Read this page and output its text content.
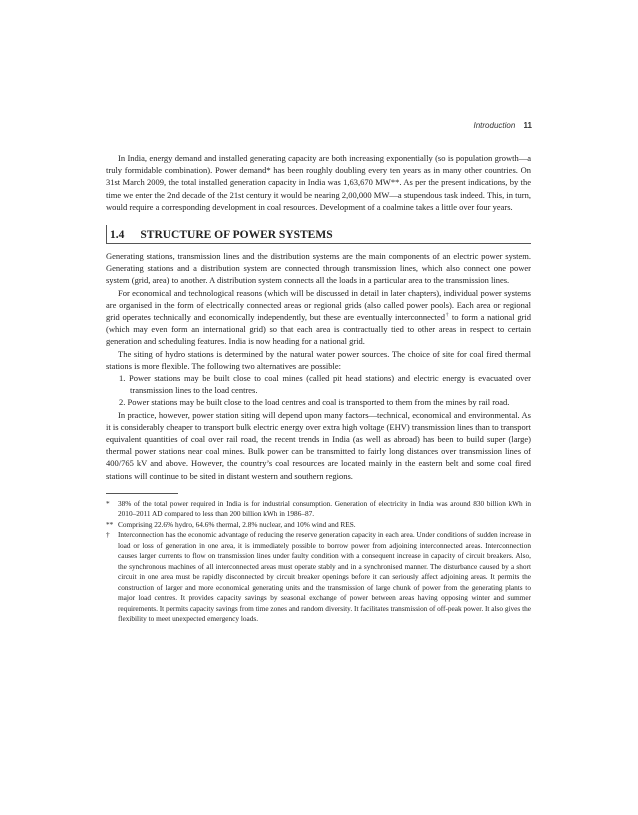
Introduction 11

In India, energy demand and installed generating capacity are both increasing exponentially (so is population growth—a truly formidable combination). Power demand* has been roughly doubling every ten years as in many other countries. On 31st March 2009, the total installed generation capacity in India was 1,63,670 MW**. As per the present indications, by the time we enter the 2nd decade of the 21st century it would be nearing 2,00,000 MW—a stupendous task indeed. This, in turn, would require a corresponding development in coal resources. Development of a coalmine takes a little over four years.

1.4 STRUCTURE OF POWER SYSTEMS

Generating stations, transmission lines and the distribution systems are the main components of an electric power system. Generating stations and a distribution system are connected through transmission lines, which also connect one power system (grid, area) to another. A distribution system connects all the loads in a particular area to the transmission lines.

For economical and technological reasons (which will be discussed in detail in later chapters), individual power systems are organised in the form of electrically connected areas or regional grids (also called power pools). Each area or regional grid operates technically and economically independently, but these are eventually interconnected† to form a national grid (which may even form an international grid) so that each area is contractually tied to other areas in respect to certain generation and scheduling features. India is now heading for a national grid.

The siting of hydro stations is determined by the natural water power sources. The choice of site for coal fired thermal stations is more flexible. The following two alternatives are possible:

1. Power stations may be built close to coal mines (called pit head stations) and electric energy is evacuated over transmission lines to the load centres.
2. Power stations may be built close to the load centres and coal is transported to them from the mines by rail road.

In practice, however, power station siting will depend upon many factors—technical, economical and environmental. As it is considerably cheaper to transport bulk electric energy over extra high voltage (EHV) transmission lines than to transport equivalent quantities of coal over rail road, the recent trends in India (as well as abroad) has been to build super (large) thermal power stations near coal mines. Bulk power can be transmitted to fairly long distances over transmission lines of 400/765 kV and above. However, the country’s coal resources are located mainly in the eastern belt and some coal fired stations will continue to be sited in distant western and southern regions.

* 38% of the total power required in India is for industrial consumption. Generation of electricity in India was around 830 billion kWh in 2010–2011 AD compared to less than 200 billion kWh in 1986–87.

** Comprising 22.6% hydro, 64.6% thermal, 2.8% nuclear, and 10% wind and RES.

† Interconnection has the economic advantage of reducing the reserve generation capacity in each area. Under conditions of sudden increase in load or loss of generation in one area, it is immediately possible to borrow power from adjoining interconnected areas. Interconnection causes larger currents to flow on transmission lines under faulty condition with a consequent increase in capacity of circuit breakers. Also, the synchronous machines of all interconnected areas must operate stably and in a synchronised manner. The disturbance caused by a short circuit in one area must be rapidly disconnected by circuit breaker openings before it can seriously affect adjoining areas. It permits the construction of larger and more economical generating units and the transmission of large chunk of power from the generating plants to major load centres. It provides capacity savings by seasonal exchange of power between areas having opposing winter and summer requirements. It permits capacity savings from time zones and random diversity. It facilitates transmission of off-peak power. It also gives the flexibility to meet unexpected emergency loads.
